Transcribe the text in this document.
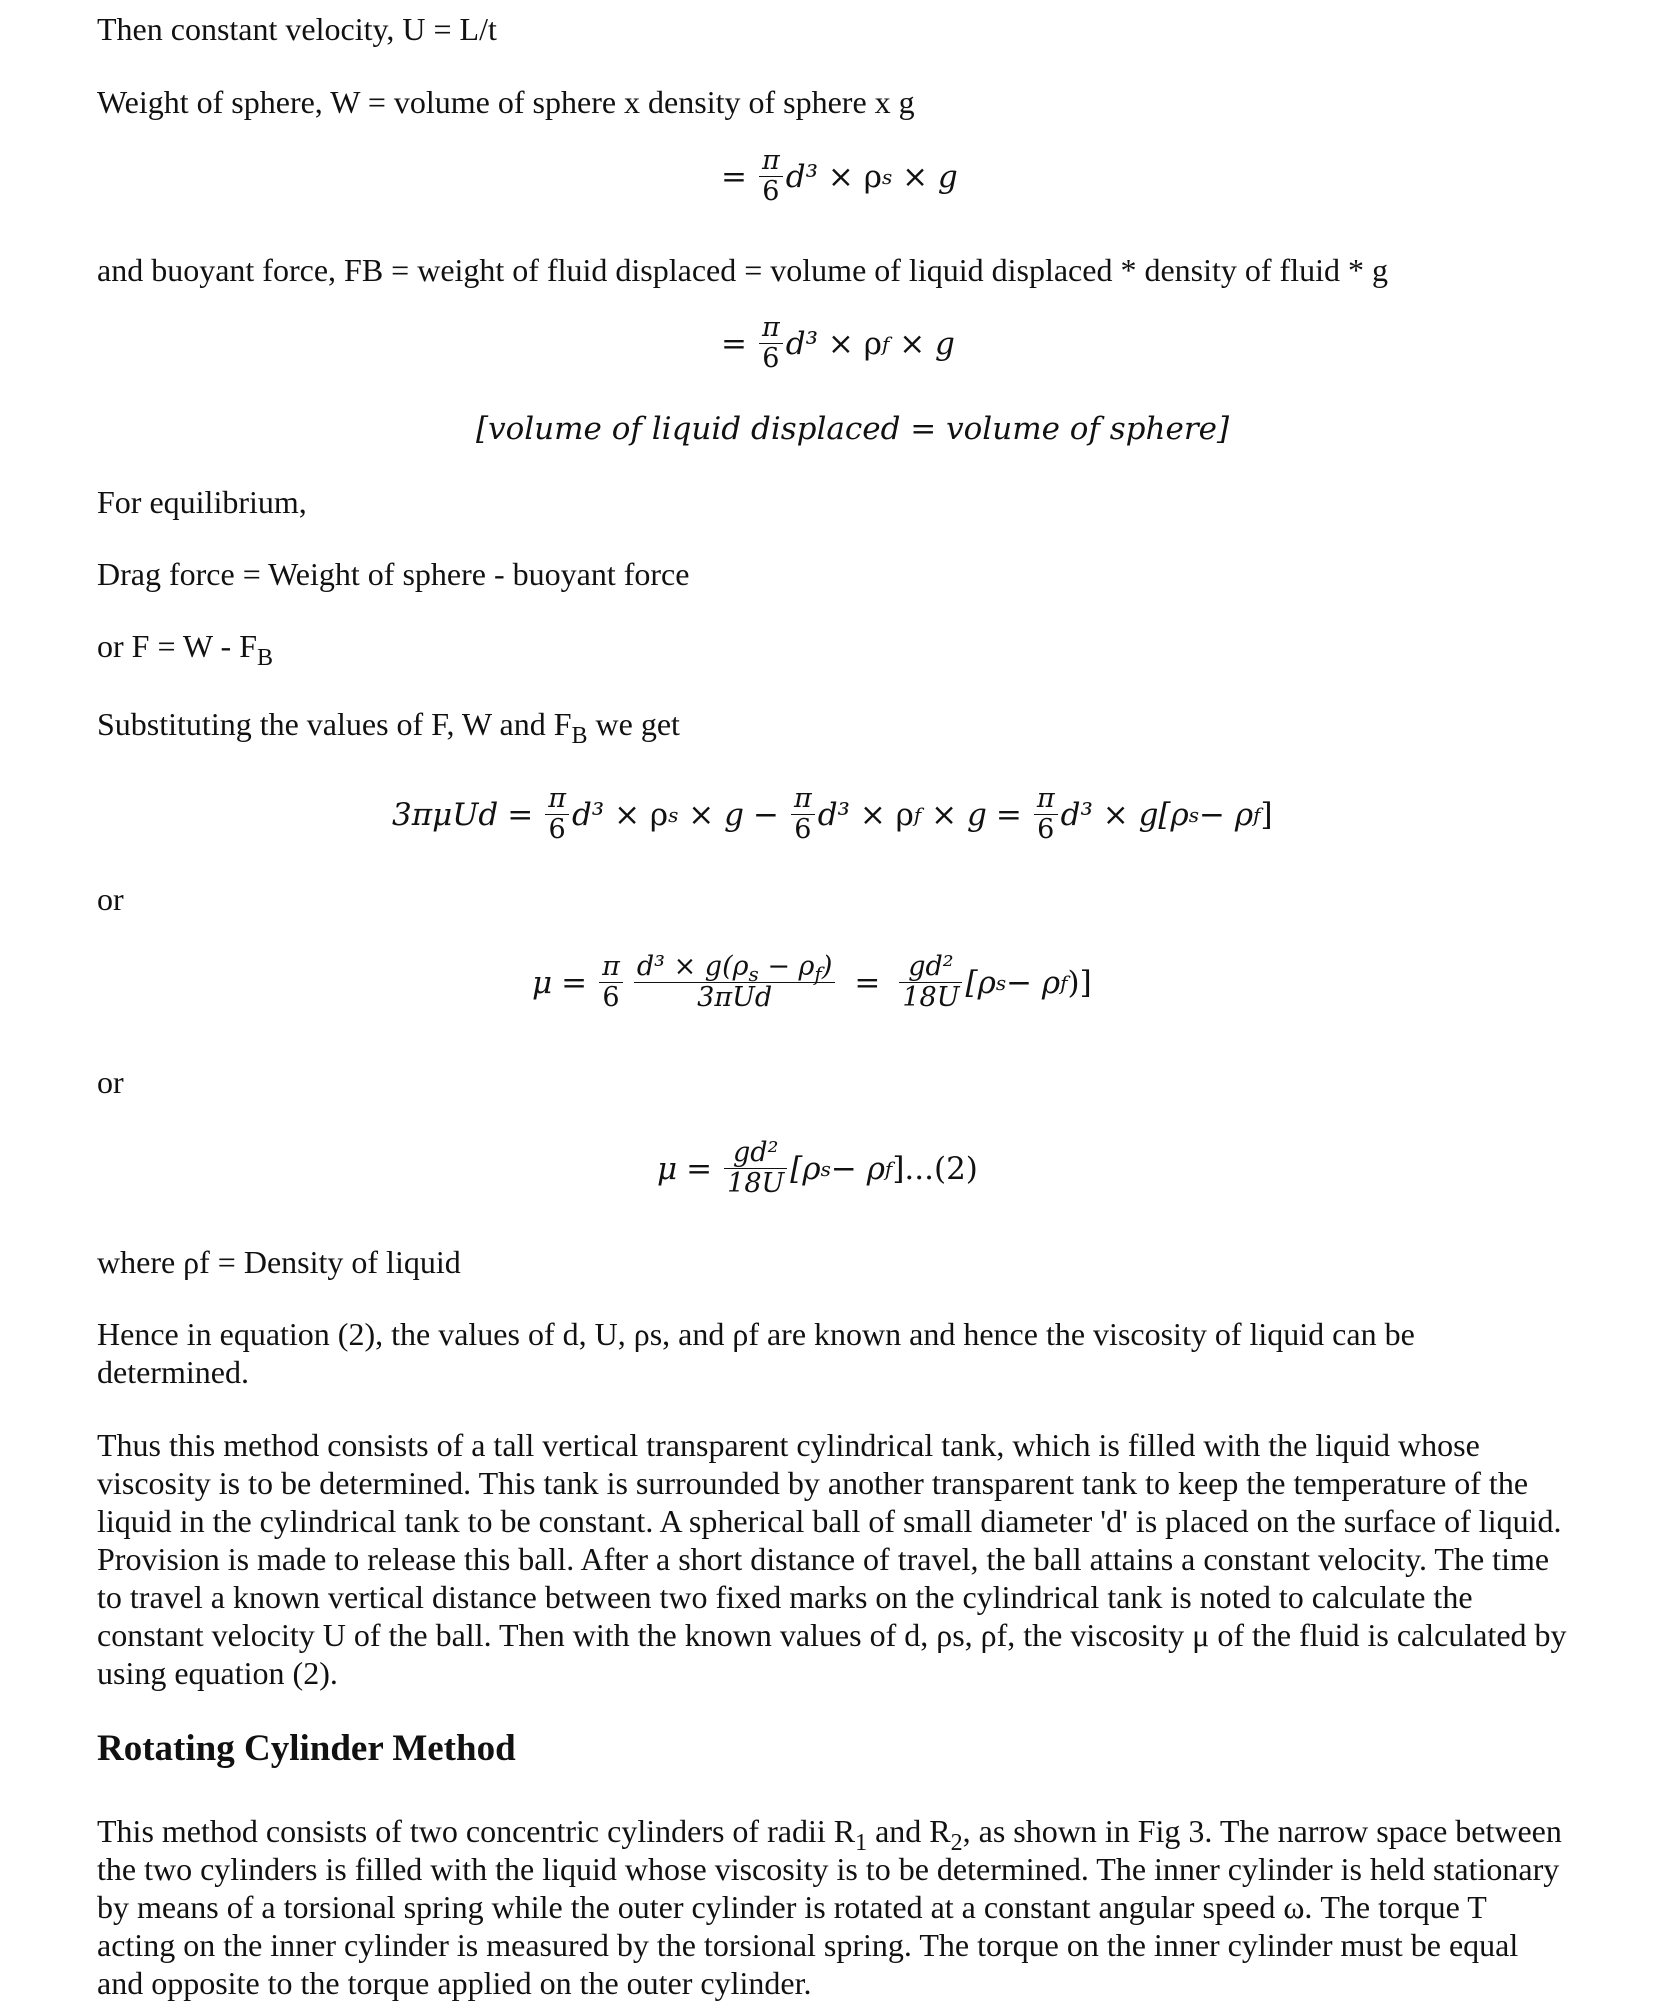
Then constant velocity, U = L/t

Weight of sphere, W = volume of sphere x density of sphere x g

= $\frac{\pi}{6} d^3$
× ρ s
× g

and buoyant force, FB = weight of fluid displaced = volume of liquid displaced * density of fluid * g

= $\frac{\pi}{6} d^3$
× ρ f
× g
[volume of liquid displaced = volume of sphere]

For equilibrium,

Drag force = Weight of sphere - buoyant force

or $F = W - F_B$

Substituting the values of F, W and $F_B$ we get

$3\pi\mu Ud = \frac{\pi}{6} d^3$
× ρ s
× $g - \frac{\pi}{6} d^3$
× ρ f
× $g = \frac{\pi}{6} d^3$
× g[ρ s − ρ f ]

or

$\mu = \frac{\pi}{6} \frac{d^3 \times g(\rho_s - \rho_f)}{\text{3πUd}} = \frac{\text{gd²}}{18U} [\rho$ s − ρ f )]

or

$\mu = \frac{\text{gd²}}{18U} [\rho$ s − ρ f ]...(2)

where ρf = Density of liquid

Hence in equation (2), the values of d, U, ρs, and ρf are known and hence the viscosity of liquid can be determined.

Thus this method consists of a tall vertical transparent cylindrical tank, which is filled with the liquid whose viscosity is to be determined. This tank is surrounded by another transparent tank to keep the temperature of the liquid in the cylindrical tank to be constant. A spherical ball of small diameter 'd' is placed on the surface of liquid. Provision is made to release this ball. After a short distance of travel, the ball attains a constant velocity. The time to travel a known vertical distance between two fixed marks on the cylindrical tank is noted to calculate the constant velocity U of the ball. Then with the known values of d, ρs, ρf, the viscosity μ of the fluid is calculated by using equation (2).

Rotating Cylinder Method

This method consists of two concentric cylinders of radii $R_1$ and $R_2$, as shown in Fig 3. The narrow space between the two cylinders is filled with the liquid whose viscosity is to be determined. The inner cylinder is held stationary by means of a torsional spring while the outer cylinder is rotated at a constant angular speed ω. The torque T acting on the inner cylinder is measured by the torsional spring. The torque on the inner cylinder must be equal and opposite to the torque applied on the outer cylinder.
